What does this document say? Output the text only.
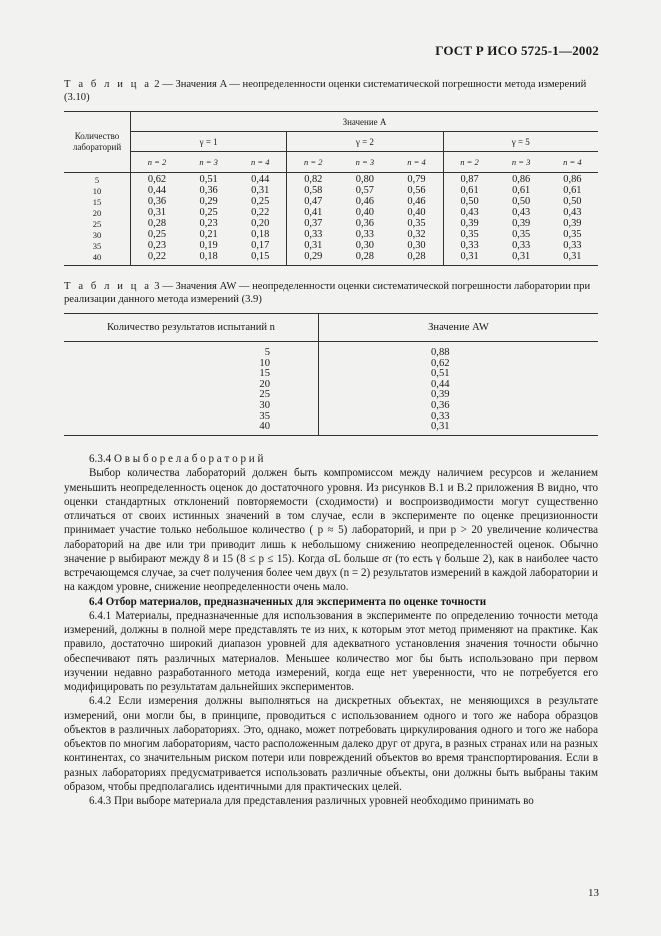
ГОСТ Р ИСО 5725-1—2002
Т а б л и ц а 2 — Значения A — неопределенности оценки систематической погрешности метода измерений (3.10)
Количество лабораторий	Значение A								
	γ = 1			γ = 2			γ = 5		
	n = 2	n = 3	n = 4	n = 2	n = 3	n = 4	n = 2	n = 3	n = 4
5	0,62	0,51	0,44	0,82	0,80	0,79	0,87	0,86	0,86
10	0,44	0,36	0,31	0,58	0,57	0,56	0,61	0,61	0,61
15	0,36	0,29	0,25	0,47	0,46	0,46	0,50	0,50	0,50
20	0,31	0,25	0,22	0,41	0,40	0,40	0,43	0,43	0,43
25	0,28	0,23	0,20	0,37	0,36	0,35	0,39	0,39	0,39
30	0,25	0,21	0,18	0,33	0,33	0,32	0,35	0,35	0,35
35	0,23	0,19	0,17	0,31	0,30	0,30	0,33	0,33	0,33
40	0,22	0,18	0,15	0,29	0,28	0,28	0,31	0,31	0,31
Т а б л и ц а 3 — Значения AW — неопределенности оценки систематической погрешности лаборатории при реализации данного метода измерений (3.9)
Количество результатов испытаний n	Значение AW
5	0,88
10	0,62
15	0,51
20	0,44
25	0,39
30	0,36
35	0,33
40	0,31

6.3.4 О в ы б о р е л а б о р а т о р и й

Выбор количества лабораторий должен быть компромиссом между наличием ресурсов и желанием уменьшить неопределенность оценок до достаточного уровня. Из рисунков В.1 и В.2 приложения В видно, что оценки стандартных отклонений повторяемости (сходимости) и воспроизводимости могут существенно отличаться от своих истинных значений в том случае, если в эксперименте по оценке прецизионности принимает участие только небольшое количество ( p ≈ 5) лабораторий, и при p > 20 увеличение количества лабораторий на две или три приводит лишь к небольшому снижению неопределенностей оценок. Обычно значение p выбирают между 8 и 15 (8 ≤ p ≤ 15). Когда σL больше σr (то есть γ больше 2), как в наиболее часто встречающемся случае, за счет получения более чем двух (n = 2) результатов измерений в каждой лаборатории и на каждом уровне, снижение неопределенности очень мало.

6.4 Отбор материалов, предназначенных для эксперимента по оценке точности

6.4.1 Материалы, предназначенные для использования в эксперименте по определению точности метода измерений, должны в полной мере представлять те из них, к которым этот метод применяют на практике. Как правило, достаточно широкий диапазон уровней для адекватного установления значения точности обычно обеспечивают пять различных материалов. Меньшее количество мог бы быть использовано при первом изучении недавно разработанного метода измерений, когда еще нет уверенности, что не потребуется его модифицировать по результатам дальнейших экспериментов.

6.4.2 Если измерения должны выполняться на дискретных объектах, не меняющихся в результате измерений, они могли бы, в принципе, проводиться с использованием одного и того же набора образцов объектов в различных лабораториях. Это, однако, может потребовать циркулирования одного и того же набора объектов по многим лабораториям, часто расположенным далеко друг от друга, в разных странах или на разных континентах, со значительным риском потери или повреждений объектов во время транспортирования. Если в разных лабораториях предусматривается использовать различные объекты, они должны быть выбраны таким образом, чтобы предполагались идентичными для практических целей.

6.4.3 При выборе материала для представления различных уровней необходимо принимать во

13
